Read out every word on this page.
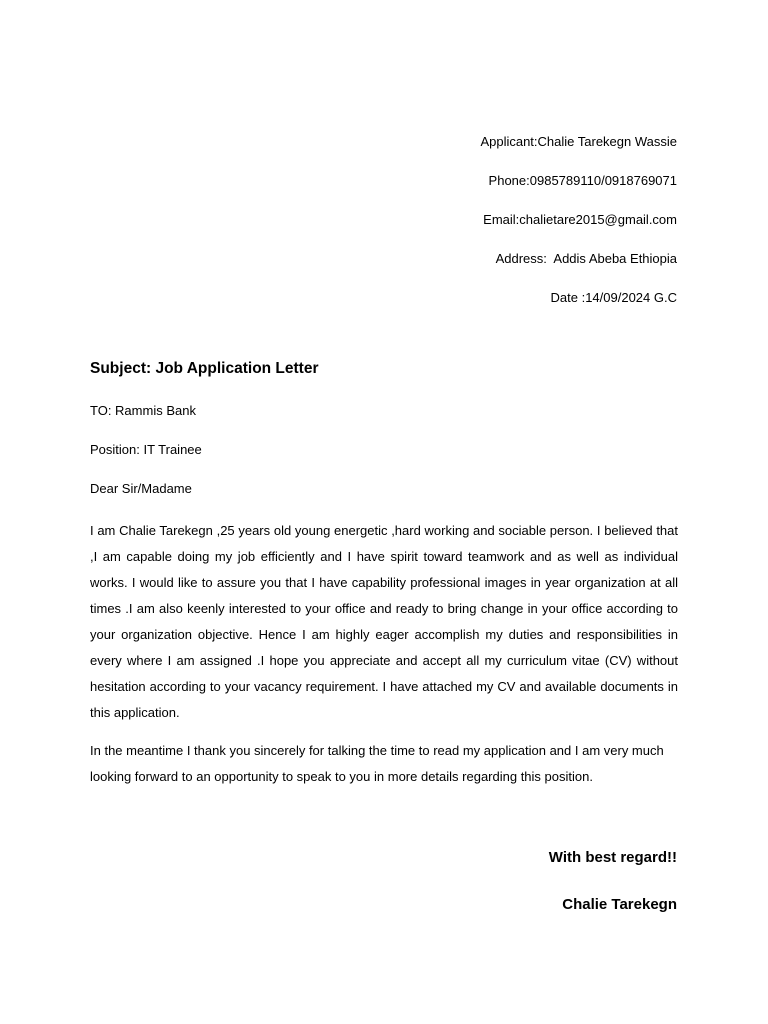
Applicant:Chalie Tarekegn Wassie
Phone:0985789110/0918769071
Email:chalietare2015@gmail.com
Address:  Addis Abeba Ethiopia
Date :14/09/2024 G.C
Subject: Job Application Letter
TO: Rammis Bank
Position: IT Trainee
Dear Sir/Madame

I am Chalie Tarekegn ,25 years old young energetic ,hard working and sociable person. I believed that ,I am capable doing my job efficiently and I have spirit toward teamwork and as well as individual works. I would like to assure you that I have capability professional images in year organization at all times .I am also keenly interested to your office and ready to bring change in your office according to your organization objective. Hence I am highly eager accomplish my duties and responsibilities in every where I am assigned .I hope you appreciate and accept all my curriculum vitae (CV) without hesitation according to your vacancy requirement. I have attached my CV and available documents in this application.

In the meantime I thank you sincerely for talking the time to read my application and I am very much looking forward to an opportunity to speak to you in more details regarding this position.

With best regard!!
Chalie Tarekegn
